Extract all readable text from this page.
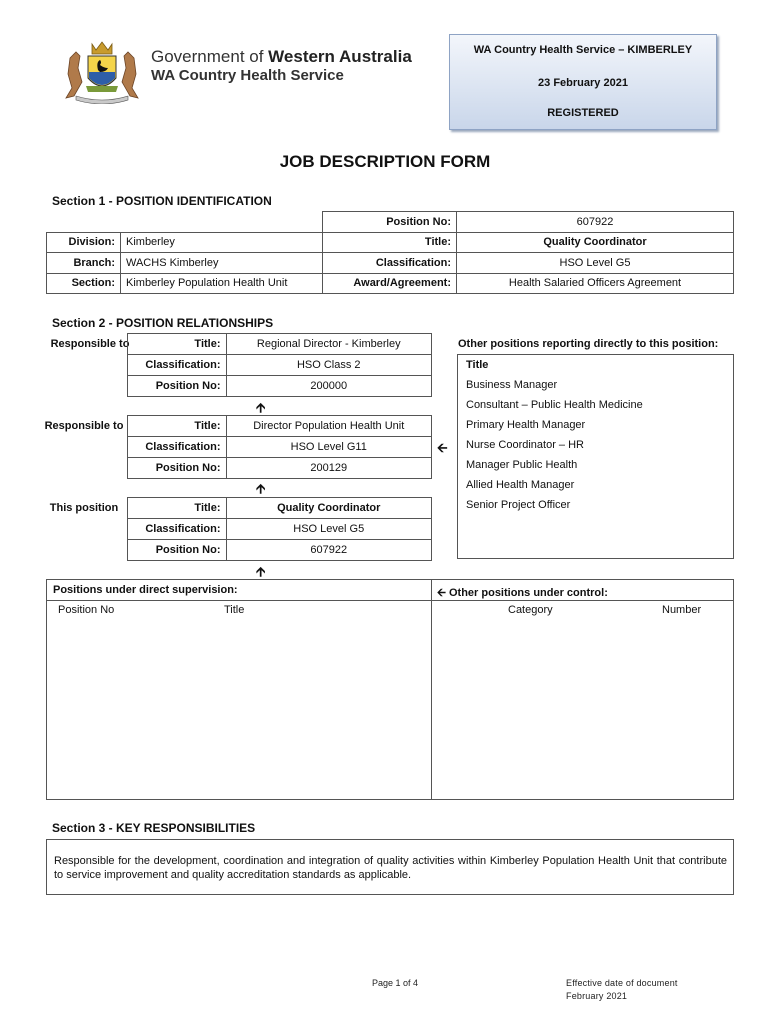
Government of Western Australia
WA Country Health Service
WA Country Health Service – KIMBERLEY
23 February 2021
REGISTERED
JOB DESCRIPTION FORM
Section 1 - POSITION IDENTIFICATION
		Position No:	607922
Division:	Kimberley	Title:	Quality Coordinator
Branch:	WACHS Kimberley	Classification:	HSO Level G5
Section:	Kimberley Population Health Unit	Award/Agreement:	Health Salaried Officers Agreement
Section 2 - POSITION RELATIONSHIPS
Responsible to	Title:	Regional Director - Kimberley
Classification:	HSO Class 2
Position No:	200000
🡩
Responsible to	Title:	Director Population Health Unit
Classification:	HSO Level G11
Position No:	200129
🡨
🡩
This position	Title:	Quality Coordinator
Classification:	HSO Level G5
Position No:	607922
🡩
Other positions reporting directly to this position:
Title
Business Manager
Consultant – Public Health Medicine
Primary Health Manager
Nurse Coordinator – HR
Manager Public Health
Allied Health Manager
Senior Project Officer
Positions under direct supervision:	🡨 Other positions under control:
Position No	Title	Category	Number
Section 3 - KEY RESPONSIBILITIES
Responsible for the development, coordination and integration of quality activities within Kimberley Population Health Unit that contribute to service improvement and quality accreditation standards as applicable.
Page 1 of 4	Effective date of document
February 2021
